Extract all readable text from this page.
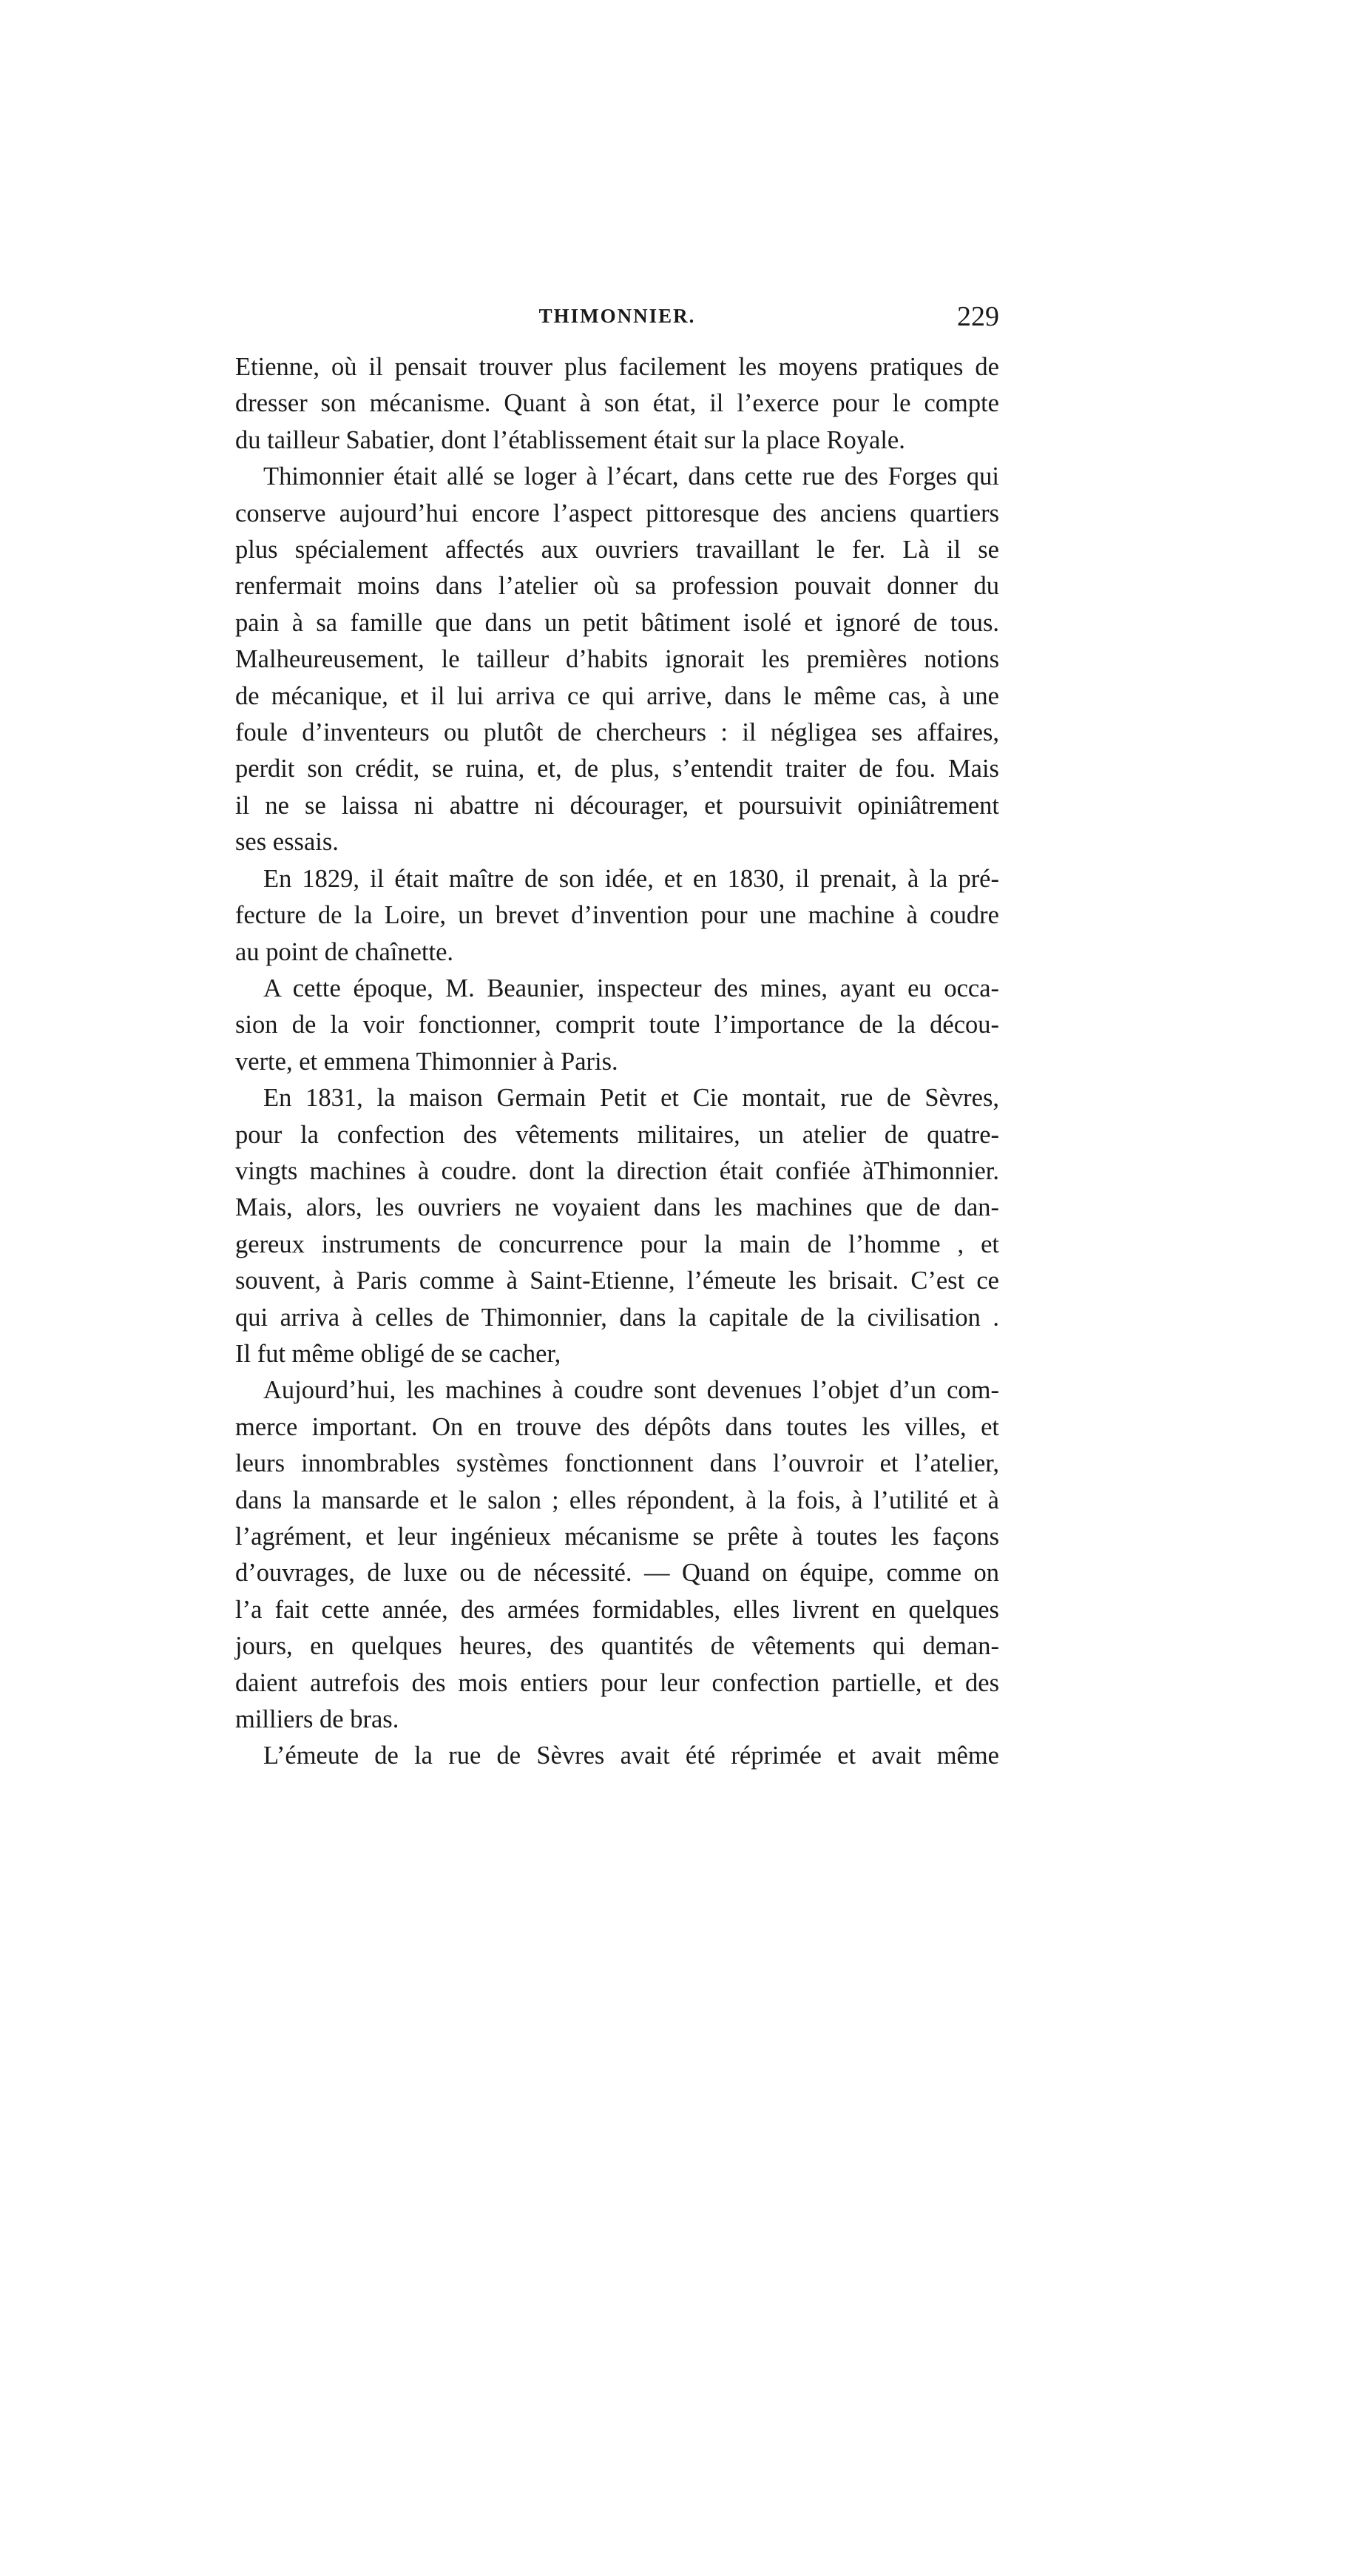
THIMONNIER.	229
Etienne, où il pensait trouver plus facilement les moyens pratiques de
dresser son mécanisme. Quant à son état, il l’exerce pour le compte
du tailleur Sabatier, dont l’établissement était sur la place Royale.
Thimonnier était allé se loger à l’écart, dans cette rue des Forges qui
conserve aujourd’hui encore l’aspect pittoresque des anciens quartiers
plus spécialement affectés aux ouvriers travaillant le fer. Là il se
renfermait moins dans l’atelier où sa profession pouvait donner du
pain à sa famille que dans un petit bâtiment isolé et ignoré de tous.
Malheureusement, le tailleur d’habits ignorait les premières notions
de mécanique, et il lui arriva ce qui arrive, dans le même cas, à une
foule d’inventeurs ou plutôt de chercheurs : il négligea ses affaires,
perdit son crédit, se ruina, et, de plus, s’entendit traiter de fou. Mais
il ne se laissa ni abattre ni décourager, et poursuivit opiniâtrement
ses essais.
En 1829, il était maître de son idée, et en 1830, il prenait, à la pré-
fecture de la Loire, un brevet d’invention pour une machine à coudre
au point de chaînette.
A cette époque, M. Beaunier, inspecteur des mines, ayant eu occa-
sion de la voir fonctionner, comprit toute l’importance de la décou-
verte, et emmena Thimonnier à Paris.
En 1831, la maison Germain Petit et Cie montait, rue de Sèvres,
pour la confection des vêtements militaires, un atelier de quatre-
vingts machines à coudre. dont la direction était confiée àThimonnier.
Mais, alors, les ouvriers ne voyaient dans les machines que de dan-
gereux instruments de concurrence pour la main de l’homme , et
souvent, à Paris comme à Saint-Etienne, l’émeute les brisait. C’est ce
qui arriva à celles de Thimonnier, dans la capitale de la civilisation .
Il fut même obligé de se cacher,
Aujourd’hui, les machines à coudre sont devenues l’objet d’un com-
merce important. On en trouve des dépôts dans toutes les villes, et
leurs innombrables systèmes fonctionnent dans l’ouvroir et l’atelier,
dans la mansarde et le salon ; elles répondent, à la fois, à l’utilité et à
l’agrément, et leur ingénieux mécanisme se prête à toutes les façons
d’ouvrages, de luxe ou de nécessité. — Quand on équipe, comme on
l’a fait cette année, des armées formidables, elles livrent en quelques
jours, en quelques heures, des quantités de vêtements qui deman-
daient autrefois des mois entiers pour leur confection partielle, et des
milliers de bras.
L’émeute de la rue de Sèvres avait été réprimée et avait même
